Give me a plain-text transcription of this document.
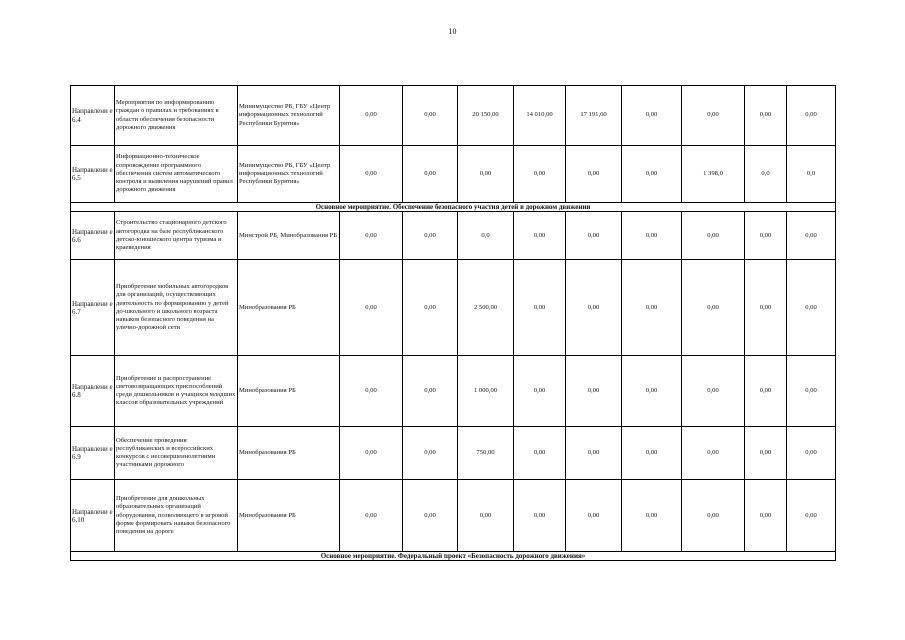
10
Направлени е 6.4	Мероприятия по информированию граждан о правилах и требованиях в области обеспечения безопасности дорожного движения	Минимущество РБ, ГБУ «Центр информационных технологий Республики Бурятия»	0,00	0,00	20 150,00	14 010,00	17 191,60	0,00	0,00	0,00	0,00
Направлени е 6.5	Информационно-техническое сопровождение программного обеспечения систем автоматического контроля и выявления нарушений правил дорожного движения	Минимущество РБ, ГБУ «Центр информационных технологий Республики Бурятия»	0,00	0,00	0,00	0,00	0,00	0,00	1 398,0	0,0	0,0
Основное мероприятие. Обеспечение безопасного участия детей в дорожном движении											
Направлени е 6.6	Строительство стационарного детского автогородка на базе республиканского детско-юношеского центра туризма и краеведения	Минстрой РБ, Минобразования РБ	0,00	0,00	0,0	0,00	0,00	0,00	0,00	0,00	0,00
Направлени е 6.7	Приобретение мобильных автогородков для организаций, осуществляющих деятельность по формированию у детей до-школьного и школьного возраста навыков безопасного поведения на улично-дорожной сети	Минобразования РБ	0,00	0,00	2 500,00	0,00	0,00	0,00	0,00	0,00	0,00
Направлени е 6.8	Приобретение и распространение световозвращающих приспособлений среди дошкольников и учащихся младших классов образовательных учреждений	Минобразования РБ	0,00	0,00	1 000,00	0,00	0,00	0,00	0,00	0,00	0,00
Направлени е 6.9	Обеспечение проведения республиканских и всероссийских конкурсов с несовершеннолетними участниками дорожного	Минобразования РБ	0,00	0,00	750,00	0,00	0,00	0,00	0,00	0,00	0,00
Направлени е 6.10	Приобретение для дошкольных образовательных организаций оборудования, позволяющего в игровой форме формировать навыки безопасного поведения на дороге	Минобразования РБ	0,00	0,00	0,00	0,00	0,00	0,00	0,00	0,00	0,00
Основное мероприятие. Федеральный проект «Безопасность дорожного движения»											
